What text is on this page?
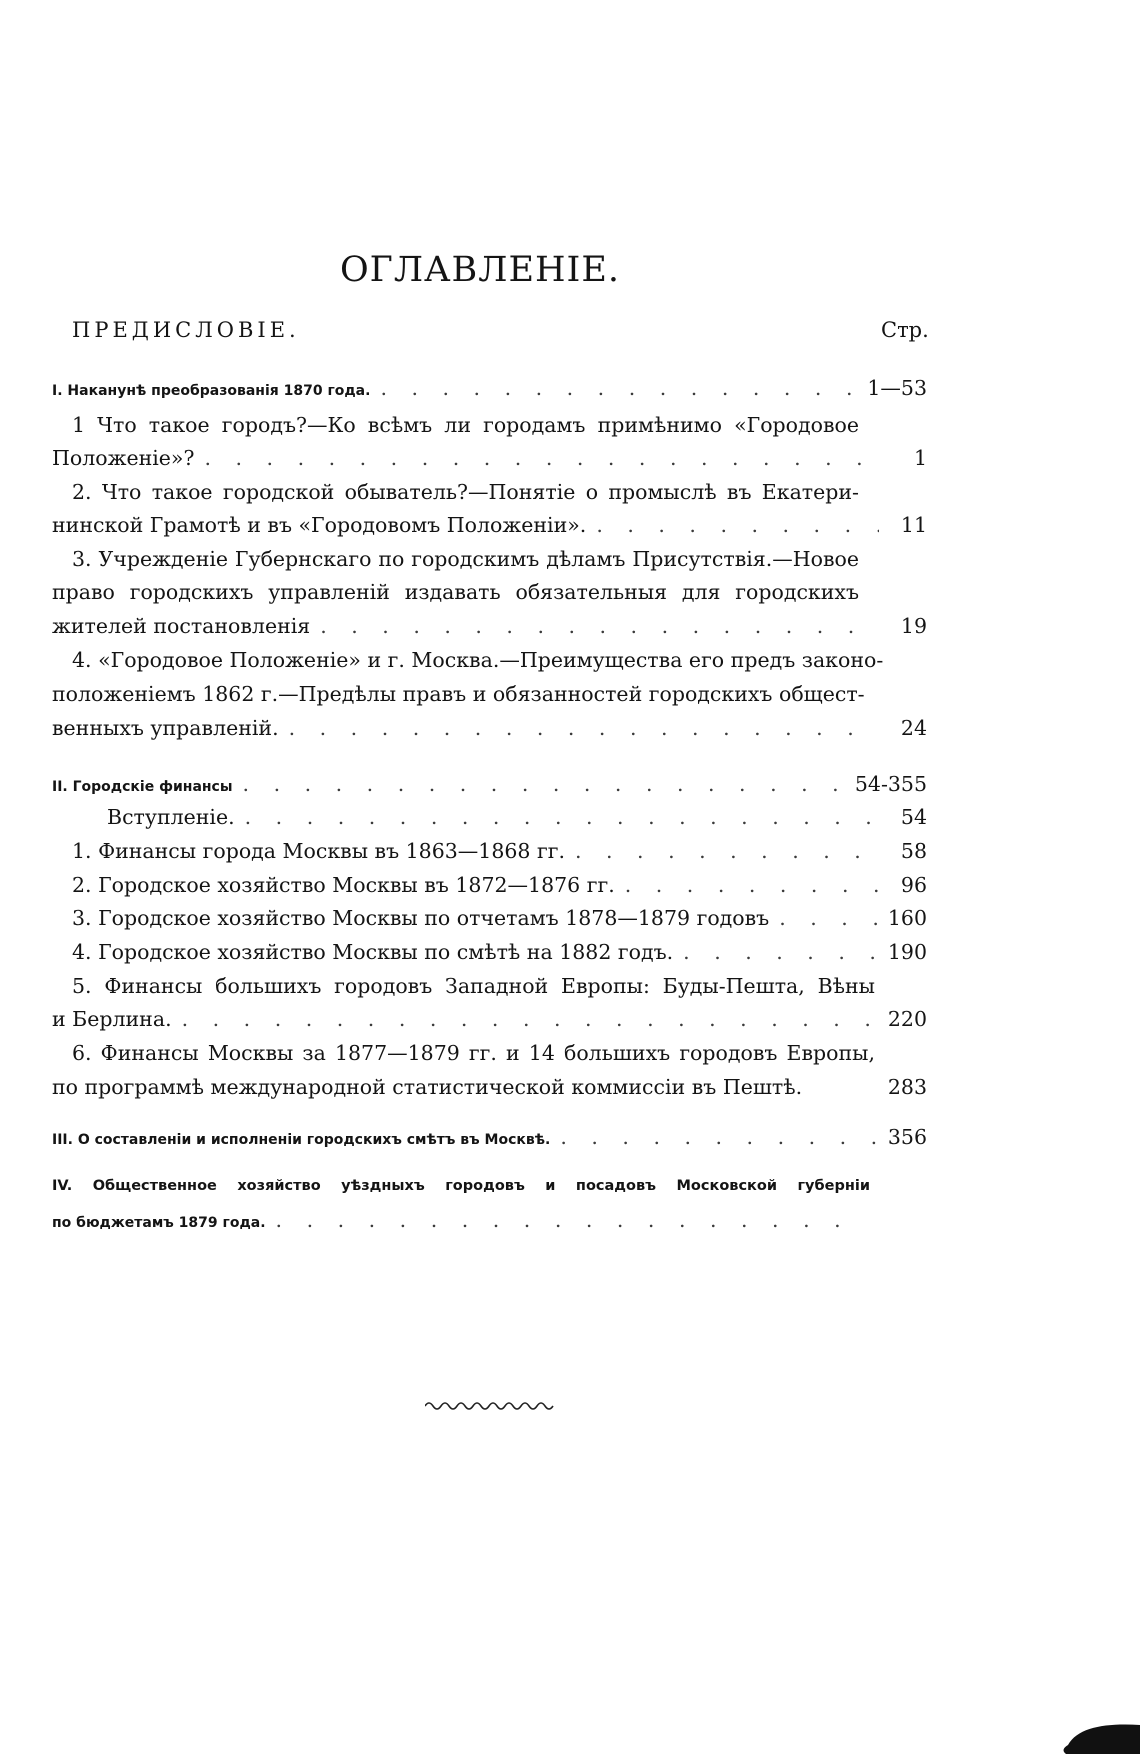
ОГЛАВЛЕНІЕ.
ПРЕДИСЛОВІЕ.	Стр.
I. Наканунѣ преобразованія 1870 года. . . .	1—53
1 Что такое городъ?—Ко всѣмъ ли городамъ примѣнимо «Городовое
Положеніе»? . . .	1
2. Что такое городской обыватель?—Понятіе о промыслѣ въ Екатери-
нинской Грамотѣ и въ «Городовомъ Положеніи». . . .	11
3. Учрежденіе Губернскаго по городскимъ дѣламъ Присутствія.—Новое
право городскихъ управленій издавать обязательныя для городскихъ
жителей постановленія . . .	19
4. «Городовое Положеніе» и г. Москва.—Преимущества его предъ законо-
положеніемъ 1862 г.—Предѣлы правъ и обязанностей городскихъ общест-
венныхъ управленій. . . .	24
II. Городскіе финансы . . .	54-355
Вступленіе. . . .	54
1. Финансы города Москвы въ 1863—1868 гг. . . .	58
2. Городское хозяйство Москвы въ 1872—1876 гг. . . .	96
3. Городское хозяйство Москвы по отчетамъ 1878—1879 годовъ . . .	160
4. Городское хозяйство Москвы по смѣтѣ на 1882 годъ. . . .	190
5. Финансы большихъ городовъ Западной Европы: Буды-Пешта, Вѣны
и Берлина. . . .	220
6. Финансы Москвы за 1877—1879 гг. и 14 большихъ городовъ Европы,
по программѣ международной статистической коммиссіи въ Пештѣ.	283
III. О составленіи и исполненіи городскихъ смѣтъ въ Москвѣ. . . .	356
IV. Общественное хозяйство уѣздныхъ городовъ и посадовъ Московской губерніи
по бюджетамъ 1879 года.
. . .
